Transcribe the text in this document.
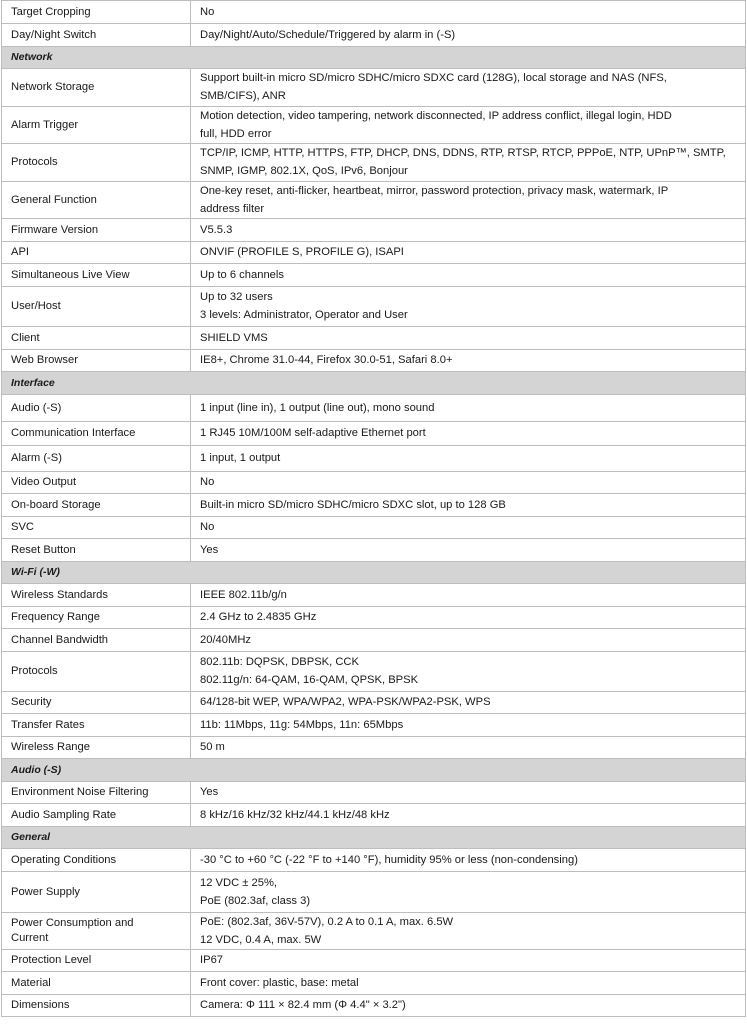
Target Cropping	No

Day/Night Switch	Day/Night/Auto/Schedule/Triggered by alarm in (-S)

Network	

Network Storage	Support built-in micro SD/micro SDHC/micro SDXC card (128G), local storage and NAS (NFS,
SMB/CIFS), ANR

Alarm Trigger	Motion detection, video tampering, network disconnected, IP address conflict, illegal login, HDD
full, HDD error

Protocols	TCP/IP, ICMP, HTTP, HTTPS, FTP, DHCP, DNS, DDNS, RTP, RTSP, RTCP, PPPoE, NTP, UPnP™, SMTP,
SNMP, IGMP, 802.1X, QoS, IPv6, Bonjour

General Function	One-key reset, anti-flicker, heartbeat, mirror, password protection, privacy mask, watermark, IP
address filter

Firmware Version	V5.5.3

API	ONVIF (PROFILE S, PROFILE G), ISAPI

Simultaneous Live View	Up to 6 channels

User/Host	Up to 32 users
3 levels: Administrator, Operator and User

Client	SHIELD VMS

Web Browser	IE8+, Chrome 31.0-44, Firefox 30.0-51, Safari 8.0+

Interface	

Audio (-S)	1 input (line in), 1 output (line out), mono sound

Communication Interface	1 RJ45 10M/100M self-adaptive Ethernet port

Alarm (-S)	1 input, 1 output

Video Output	No

On-board Storage	Built-in micro SD/micro SDHC/micro SDXC slot, up to 128 GB

SVC	No

Reset Button	Yes

Wi-Fi (-W)	

Wireless Standards	IEEE 802.11b/g/n

Frequency Range	2.4 GHz to 2.4835 GHz

Channel Bandwidth	20/40MHz

Protocols	802.11b: DQPSK, DBPSK, CCK
802.11g/n: 64-QAM, 16-QAM, QPSK, BPSK

Security	64/128-bit WEP, WPA/WPA2, WPA-PSK/WPA2-PSK, WPS

Transfer Rates	11b: 11Mbps, 11g: 54Mbps, 11n: 65Mbps

Wireless Range	50 m

Audio (-S)	

Environment Noise Filtering	Yes

Audio Sampling Rate	8 kHz/16 kHz/32 kHz/44.1 kHz/48 kHz

General	

Operating Conditions	-30 °C to +60 °C (-22 °F to +140 °F), humidity 95% or less (non-condensing)

Power Supply	12 VDC ± 25%,
PoE (802.3af, class 3)

Power Consumption and
Current	PoE: (802.3af, 36V-57V), 0.2 A to 0.1 A, max. 6.5W
12 VDC, 0.4 A, max. 5W

Protection Level	IP67

Material	Front cover: plastic, base: metal

Dimensions	Camera: Φ 111 × 82.4 mm (Φ 4.4" × 3.2")
